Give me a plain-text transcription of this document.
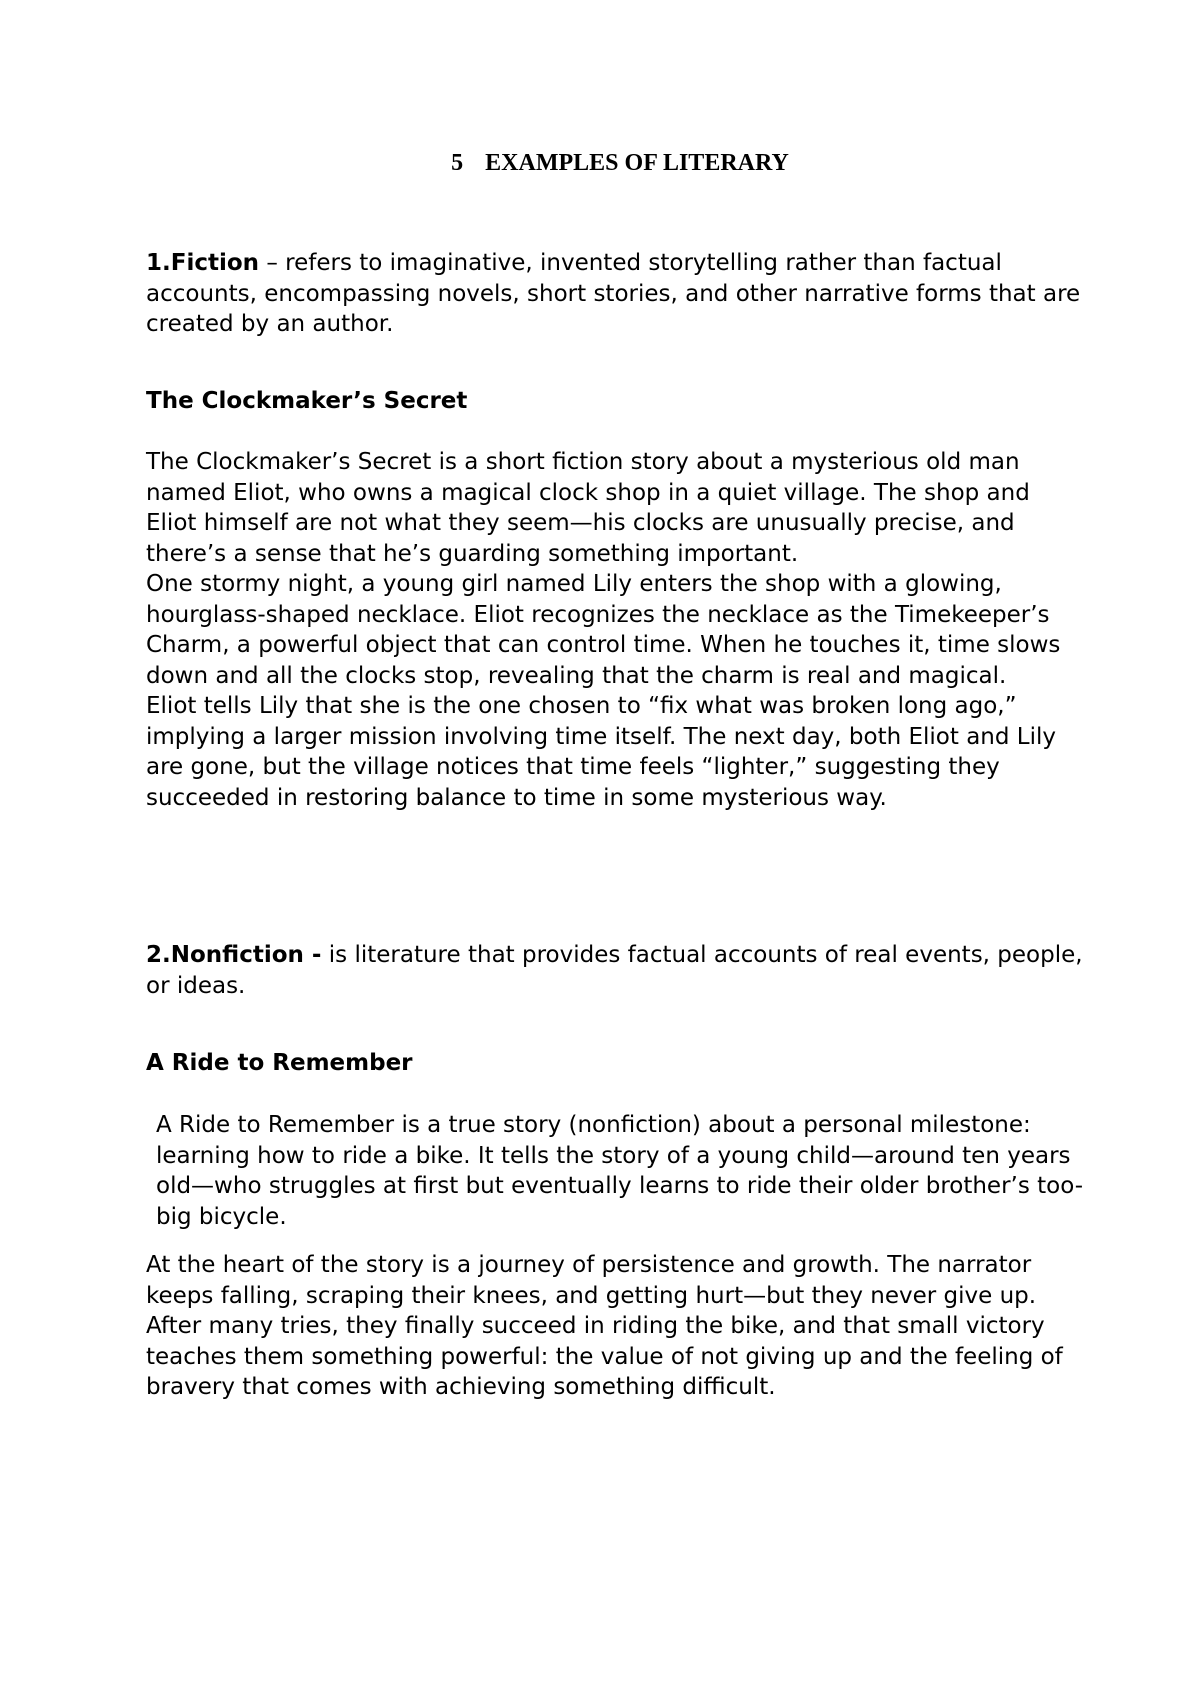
5 EXAMPLES OF LITERARY

1.Fiction – refers to imaginative, invented storytelling rather than factual accounts, encompassing novels, short stories, and other narrative forms that are created by an author.

The Clockmaker’s Secret

The Clockmaker’s Secret is a short fiction story about a mysterious old man named Eliot, who owns a magical clock shop in a quiet village. The shop and Eliot himself are not what they seem—his clocks are unusually precise, and there’s a sense that he’s guarding something important.

One stormy night, a young girl named Lily enters the shop with a glowing, hourglass-shaped necklace. Eliot recognizes the necklace as the Timekeeper’s Charm, a powerful object that can control time. When he touches it, time slows down and all the clocks stop, revealing that the charm is real and magical.

Eliot tells Lily that she is the one chosen to “fix what was broken long ago,” implying a larger mission involving time itself. The next day, both Eliot and Lily are gone, but the village notices that time feels “lighter,” suggesting they succeeded in restoring balance to time in some mysterious way.

2.Nonfiction - is literature that provides factual accounts of real events, people, or ideas.

A Ride to Remember

A Ride to Remember is a true story (nonfiction) about a personal milestone: learning how to ride a bike. It tells the story of a young child—around ten years old—who struggles at first but eventually learns to ride their older brother’s too-big bicycle.

At the heart of the story is a journey of persistence and growth. The narrator keeps falling, scraping their knees, and getting hurt—but they never give up. After many tries, they finally succeed in riding the bike, and that small victory teaches them something powerful: the value of not giving up and the feeling of bravery that comes with achieving something difficult.
